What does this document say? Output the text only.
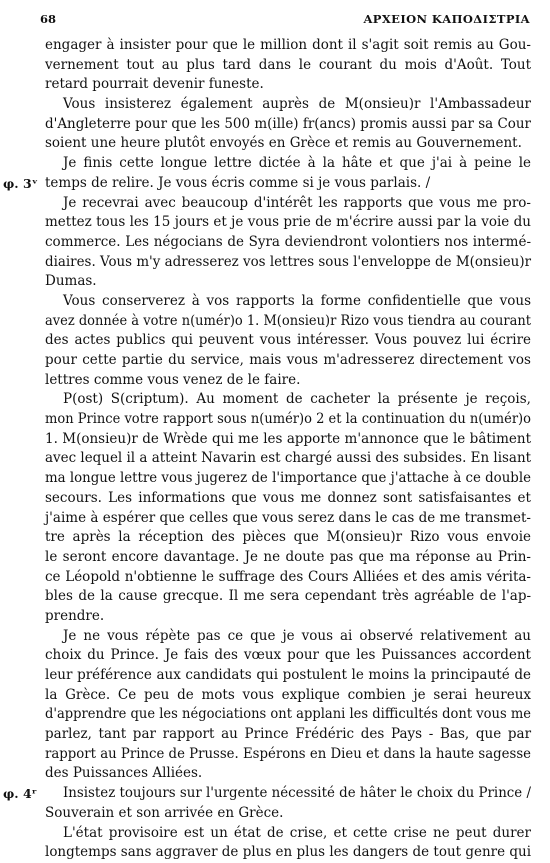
68	ΑΡΧΕΙΟΝ ΚΑΠΟΔΙΣΤΡΙΑ
engager à insister pour que le million dont il s'agit soit remis au Gou-
vernement tout au plus tard dans le courant du mois d'Août. Tout
retard pourrait devenir funeste.
Vous insisterez également auprès de M(onsieu)r l'Ambassadeur
d'Angleterre pour que les 500 m(ille) fr(ancs) promis aussi par sa Cour
soient une heure plutôt envoyés en Grèce et remis au Gouvernement.
Je finis cette longue lettre dictée à la hâte et que j'ai à peine le
φ. 3ᵛ temps de relire. Je vous écris comme si je vous parlais. /
Je recevrai avec beaucoup d'intérêt les rapports que vous me pro-
mettez tous les 15 jours et je vous prie de m'écrire aussi par la voie du
commerce. Les négocians de Syra deviendront volontiers nos intermé-
diaires. Vous m'y adresserez vos lettres sous l'enveloppe de M(onsieu)r
Dumas.
Vous conserverez à vos rapports la forme confidentielle que vous
avez donnée à votre n(umér)o 1. M(onsieu)r Rizo vous tiendra au courant
des actes publics qui peuvent vous intéresser. Vous pouvez lui écrire
pour cette partie du service, mais vous m'adresserez directement vos
lettres comme vous venez de le faire.
P(ost) S(criptum). Au moment de cacheter la présente je reçois,
mon Prince votre rapport sous n(umér)o 2 et la continuation du n(umér)o
1. M(onsieu)r de Wrède qui me les apporte m'annonce que le bâtiment
avec lequel il a atteint Navarin est chargé aussi des subsides. En lisant
ma longue lettre vous jugerez de l'importance que j'attache à ce double
secours. Les informations que vous me donnez sont satisfaisantes et
j'aime à espérer que celles que vous serez dans le cas de me transmet-
tre après la réception des pièces que M(onsieu)r Rizo vous envoie
le seront encore davantage. Je ne doute pas que ma réponse au Prin-
ce Léopold n'obtienne le suffrage des Cours Alliées et des amis vérita-
bles de la cause grecque. Il me sera cependant très agréable de l'ap-
prendre.
Je ne vous répète pas ce que je vous ai observé relativement au
choix du Prince. Je fais des vœux pour que les Puissances accordent
leur préférence aux candidats qui postulent le moins la principauté de
la Grèce. Ce peu de mots vous explique combien je serai heureux
d'apprendre que les négociations ont applani les difficultés dont vous me
parlez, tant par rapport au Prince Frédéric des Pays - Bas, que par
rapport au Prince de Prusse. Espérons en Dieu et dans la haute sagesse
des Puissances Alliées.
φ. 4ʳ Insistez toujours sur l'urgente nécessité de hâter le choix du Prince /
Souverain et son arrivée en Grèce.
L'état provisoire est un état de crise, et cette crise ne peut durer
longtemps sans aggraver de plus en plus les dangers de tout genre qui
